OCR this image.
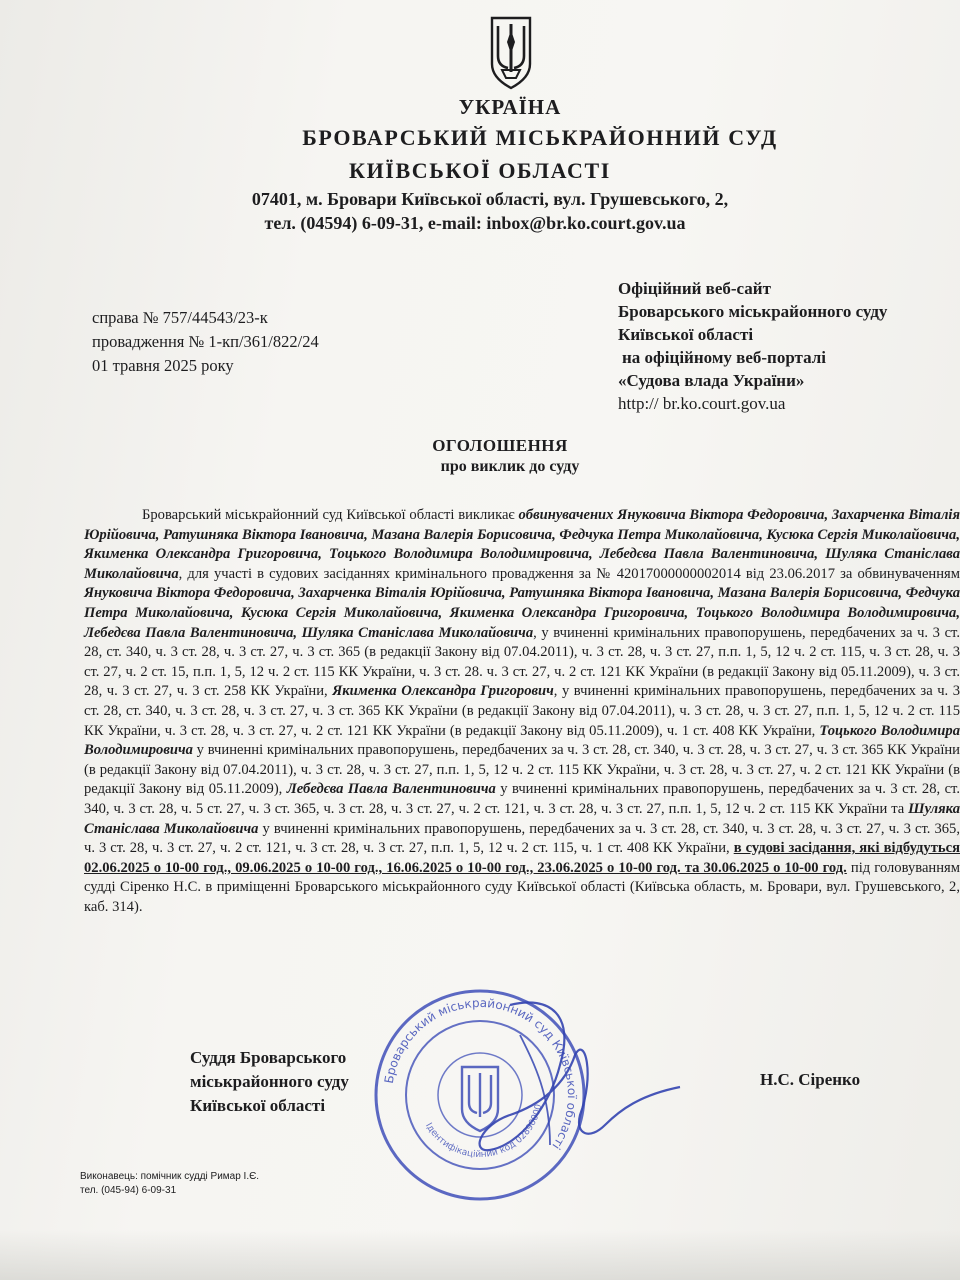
УКРАЇНА
БРОВАРСЬКИЙ МІСЬКРАЙОННИЙ СУД
КИЇВСЬКОЇ ОБЛАСТІ
07401, м. Бровари Київської області, вул. Грушевського, 2,
тел. (04594) 6-09-31, e-mail: inbox@br.ko.court.gov.ua
справа № 757/44543/23-к
провадження № 1-кп/361/822/24
01 травня 2025 року
Офіційний веб-сайт
Броварського міськрайонного суду
Київської області
на офіційному веб-порталі
«Судова влада України»
http:// br.ko.court.gov.ua
ОГОЛОШЕННЯ
про виклик до суду
Броварський міськрайонний суд Київської області викликає обвинувачених Януковича Віктора Федоровича, Захарченка Віталія Юрійовича, Ратушняка Віктора Івановича, Мазана Валерія Борисовича, Федчука Петра Миколайовича, Кусюка Сергія Миколайовича, Якименка Олександра Григоровича, Тоцького Володимира Володимировича, Лебедєва Павла Валентиновича, Шуляка Станіслава Миколайовича, для участі в судових засіданнях кримінального провадження за № 42017000000002014 від 23.06.2017 за обвинуваченням Януковича Віктора Федоровича, Захарченка Віталія Юрійовича, Ратушняка Віктора Івановича, Мазана Валерія Борисовича, Федчука Петра Миколайовича, Кусюка Сергія Миколайовича, Якименка Олександра Григоровича, Тоцького Володимира Володимировича, Лебедєва Павла Валентиновича, Шуляка Станіслава Миколайовича, у вчиненні кримінальних правопорушень, передбачених за ч. 3 ст. 28, ст. 340, ч. 3 ст. 28, ч. 3 ст. 27, ч. 3 ст. 365 (в редакції Закону від 07.04.2011), ч. 3 ст. 28, ч. 3 ст. 27, п.п. 1, 5, 12 ч. 2 ст. 115, ч. 3 ст. 28, ч. 3 ст. 27, ч. 2 ст. 15, п.п. 1, 5, 12 ч. 2 ст. 115 КК України, ч. 3 ст. 28. ч. 3 ст. 27, ч. 2 ст. 121 КК України (в редакції Закону від 05.11.2009), ч. 3 ст. 28, ч. 3 ст. 27, ч. 3 ст. 258 КК України, Якименка Олександра Григорович, у вчиненні кримінальних правопорушень, передбачених за ч. 3 ст. 28, ст. 340, ч. 3 ст. 28, ч. 3 ст. 27, ч. 3 ст. 365 КК України (в редакції Закону від 07.04.2011), ч. 3 ст. 28, ч. 3 ст. 27, п.п. 1, 5, 12 ч. 2 ст. 115 КК України, ч. 3 ст. 28, ч. 3 ст. 27, ч. 2 ст. 121 КК України (в редакції Закону від 05.11.2009), ч. 1 ст. 408 КК України, Тоцького Володимира Володимировича у вчиненні кримінальних правопорушень, передбачених за ч. 3 ст. 28, ст. 340, ч. 3 ст. 28, ч. 3 ст. 27, ч. 3 ст. 365 КК України (в редакції Закону від 07.04.2011), ч. 3 ст. 28, ч. 3 ст. 27, п.п. 1, 5, 12 ч. 2 ст. 115 КК України, ч. 3 ст. 28, ч. 3 ст. 27, ч. 2 ст. 121 КК України (в редакції Закону від 05.11.2009), Лебедєва Павла Валентиновича у вчиненні кримінальних правопорушень, передбачених за ч. 3 ст. 28, ст. 340, ч. 3 ст. 28, ч. 5 ст. 27, ч. 3 ст. 365, ч. 3 ст. 28, ч. 3 ст. 27, ч. 2 ст. 121, ч. 3 ст. 28, ч. 3 ст. 27, п.п. 1, 5, 12 ч. 2 ст. 115 КК України та Шуляка Станіслава Миколайовича у вчиненні кримінальних правопорушень, передбачених за ч. 3 ст. 28, ст. 340, ч. 3 ст. 28, ч. 3 ст. 27, ч. 3 ст. 365, ч. 3 ст. 28, ч. 3 ст. 27, ч. 2 ст. 121, ч. 3 ст. 28, ч. 3 ст. 27, п.п. 1, 5, 12 ч. 2 ст. 115, ч. 1 ст. 408 КК України, в судові засідання, які відбудуться 02.06.2025 о 10-00 год., 09.06.2025 о 10-00 год., 16.06.2025 о 10-00 год., 23.06.2025 о 10-00 год. та 30.06.2025 о 10-00 год. під головуванням судді Сіренко Н.С. в приміщенні Броварського міськрайонного суду Київської області (Київська область, м. Бровари, вул. Грушевського, 2, каб. 314).
Суддя Броварського
міськрайонного суду
Київської області
Броварський міськрайонний суд Київської області
Ідентифікаційний код 02890000
Н.С. Сіренко
Виконавець: помічник судді Римар І.Є.
тел. (045-94) 6-09-31
